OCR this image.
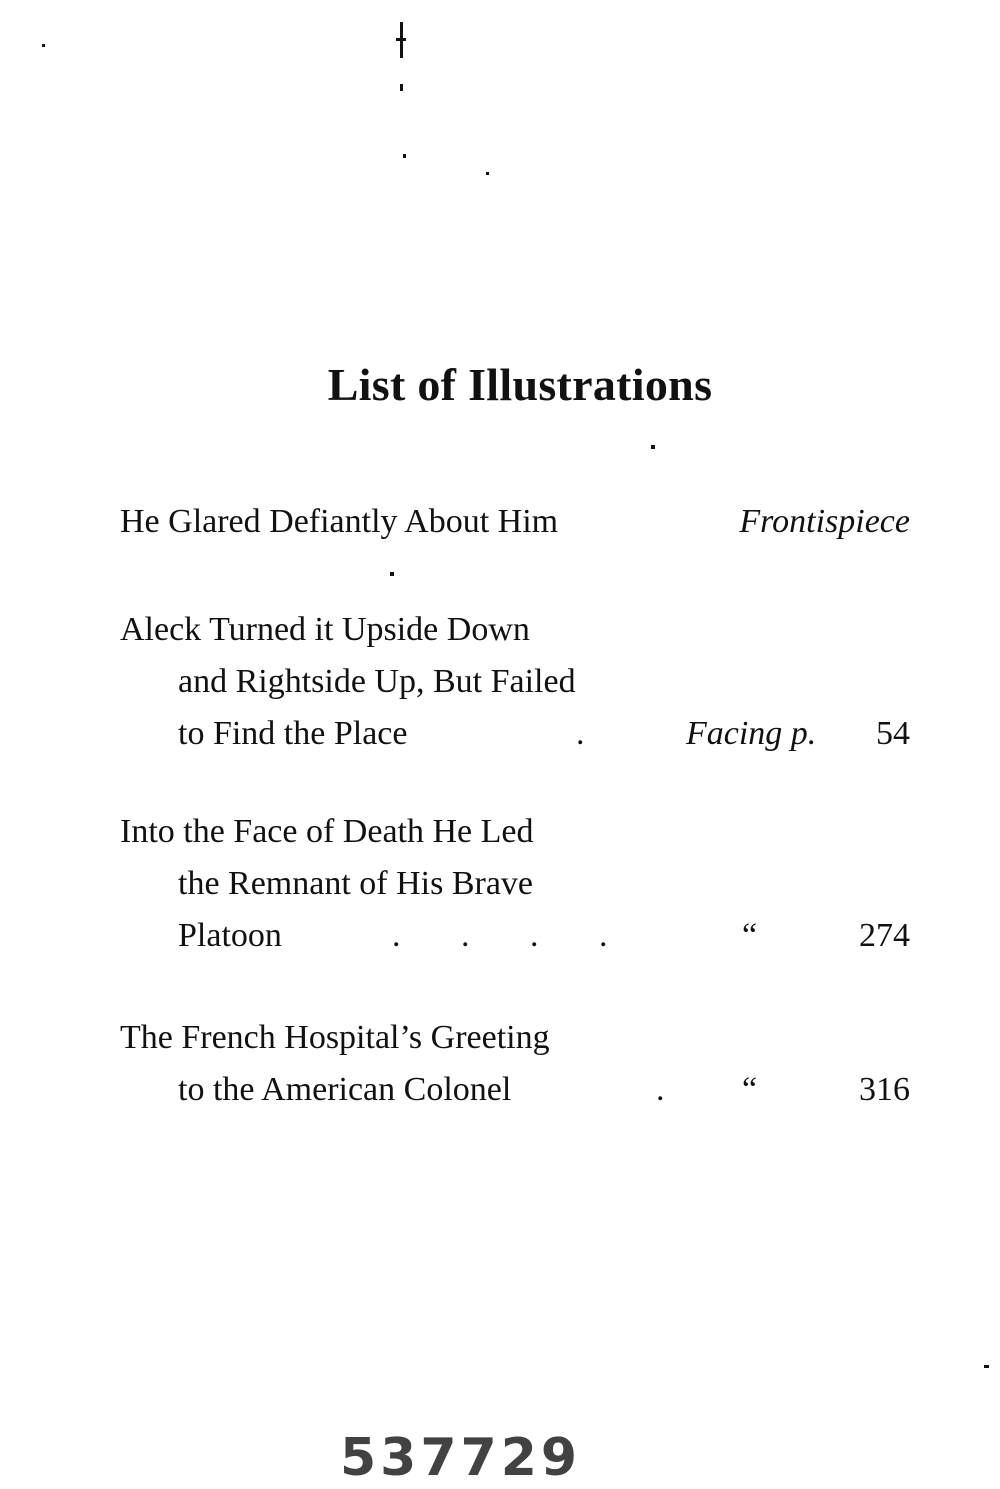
List of Illustrations
He Glared Defiantly About Him	Frontispiece
Aleck Turned it Upside Down
and Rightside Up, But Failed
to Find the Place	.	Facing p. 54
Into the Face of Death He Led
the Remnant of His Brave
Platoon	. . . .	“	274
The French Hospital’s Greeting
to the American Colonel	. “	316
537729
